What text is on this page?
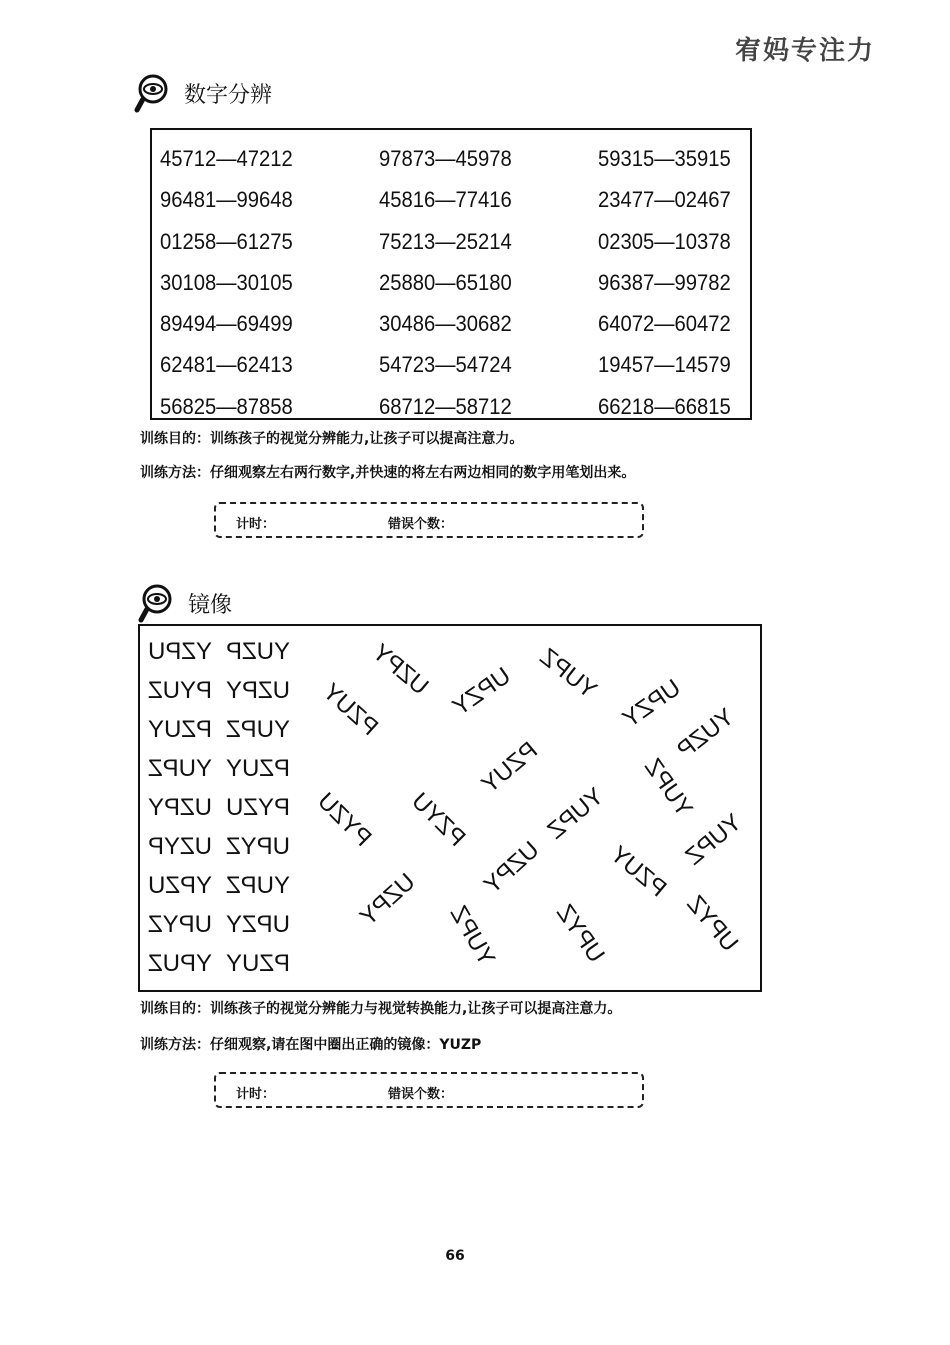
宥妈专注力
数字分辨
45712—47212	97873—45978	59315—35915
96481—99648	45816—77416	23477—02467
01258—61275	75213—25214	02305—10378
30108—30105	25880—65180	96387—99782
89494—69499	30486—30682	64072—60472
62481—62413	54723—54724	19457—14579
56825—87858	68712—58712	66218—66815
训练目的：训练孩子的视觉分辨能力,让孩子可以提高注意力。
训练方法：仔细观察左右两行数字,并快速的将左右两边相同的数字用笔划出来。
计时：	错误个数：
镜像
YZPU YUZP
PYUZ UZPY
PZUY YUPZ
YUPZ PZUY
UZPY PYZU
UZYP UPYZ
YPZU YUPZ
UPYZ UPZY
YPUZ PZUY
UZPY UPZY YUPZ UPZY
PZUY	YUZP
PZUY	YUPZ
PYZU PZYU	YUPZ	YUPZ
UZPY	PZUY
UZPY
YUPZ UPYZ	UPYZ
训练目的：训练孩子的视觉分辨能力与视觉转换能力,让孩子可以提高注意力。
训练方法：仔细观察,请在图中圈出正确的镜像：YUZP
计时：	错误个数：
66
